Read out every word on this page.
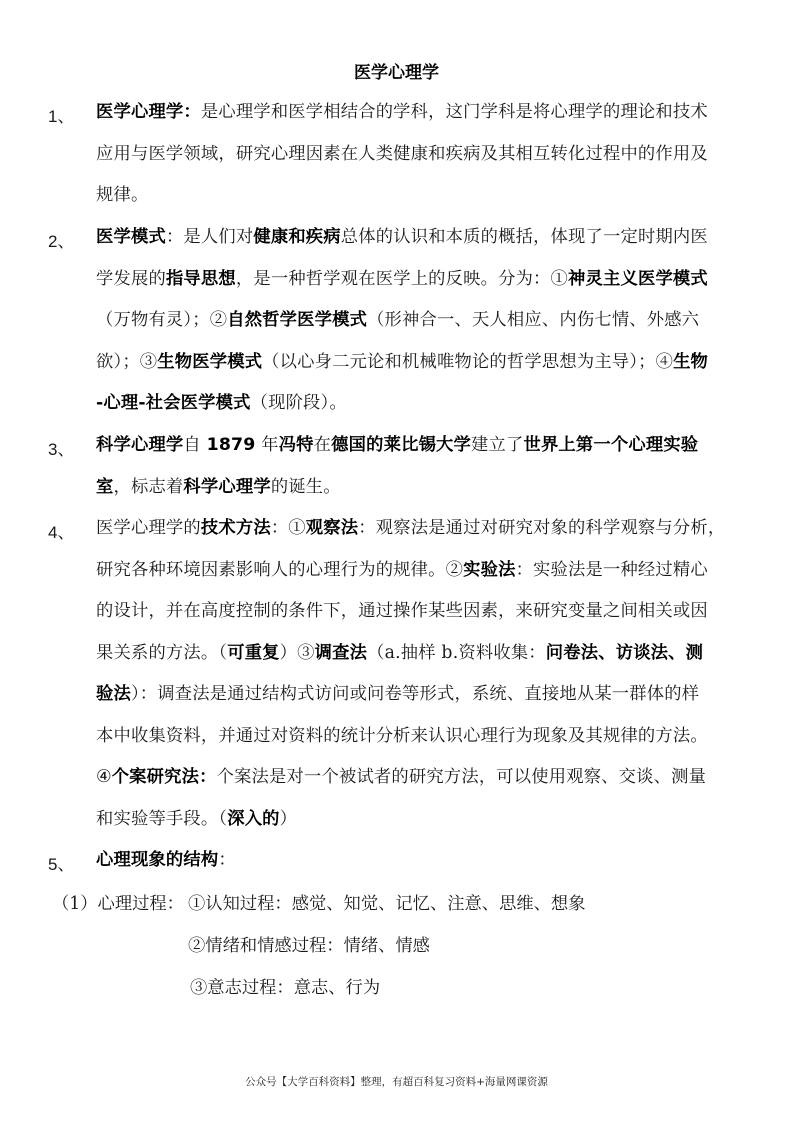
医学心理学
1、 医学心理学：是心理学和医学相结合的学科，这门学科是将心理学的理论和技术
应用与医学领域，研究心理因素在人类健康和疾病及其相互转化过程中的作用及
规律。
2、 医学模式：是人们对健康和疾病总体的认识和本质的概括，体现了一定时期内医
学发展的指导思想，是一种哲学观在医学上的反映。分为：①神灵主义医学模式
（万物有灵）；②自然哲学医学模式（形神合一、天人相应、内伤七情、外感六
欲）；③生物医学模式（以心身二元论和机械唯物论的哲学思想为主导）；④生物
-心理-社会医学模式（现阶段）。
3、 科学心理学自 1879 年冯特在德国的莱比锡大学建立了世界上第一个心理实验
室，标志着科学心理学的诞生。
4、 医学心理学的技术方法：①观察法：观察法是通过对研究对象的科学观察与分析，
研究各种环境因素影响人的心理行为的规律。②实验法：实验法是一种经过精心
的设计，并在高度控制的条件下，通过操作某些因素，来研究变量之间相关或因
果关系的方法。（可重复）③调查法（a.抽样 b.资料收集：问卷法、访谈法、测
验法）：调查法是通过结构式访问或问卷等形式，系统、直接地从某一群体的样
本中收集资料，并通过对资料的统计分析来认识心理行为现象及其规律的方法。
④个案研究法：个案法是对一个被试者的研究方法，可以使用观察、交谈、测量
和实验等手段。（深入的）
5、 心理现象的结构：
（1）心理过程： ①认知过程：感觉、知觉、记忆、注意、思维、想象
②情绪和情感过程：情绪、情感
③意志过程：意志、行为
公众号【大学百科资料】整理，有超百科复习资料+海量网课资源
